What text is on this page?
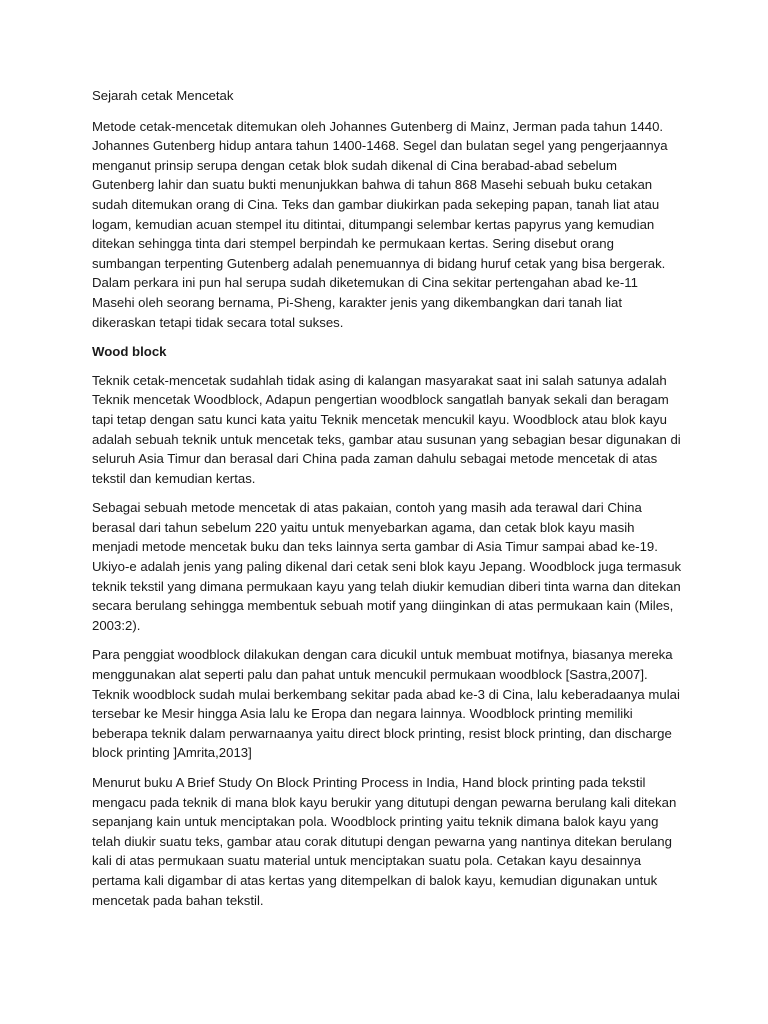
Sejarah cetak Mencetak

Metode cetak-mencetak ditemukan oleh Johannes Gutenberg di Mainz, Jerman pada tahun 1440. Johannes Gutenberg hidup antara tahun 1400-1468. Segel dan bulatan segel yang pengerjaannya menganut prinsip serupa dengan cetak blok sudah dikenal di Cina berabad-abad sebelum Gutenberg lahir dan suatu bukti menunjukkan bahwa di tahun 868 Masehi sebuah buku cetakan sudah ditemukan orang di Cina. Teks dan gambar diukirkan pada sekeping papan, tanah liat atau logam, kemudian acuan stempel itu ditintai, ditumpangi selembar kertas papyrus yang kemudian ditekan sehingga tinta dari stempel berpindah ke permukaan kertas. Sering disebut orang sumbangan terpenting Gutenberg adalah penemuannya di bidang huruf cetak yang bisa bergerak. Dalam perkara ini pun hal serupa sudah diketemukan di Cina sekitar pertengahan abad ke-11 Masehi oleh seorang bernama, Pi-Sheng, karakter jenis yang dikembangkan dari tanah liat dikeraskan tetapi tidak secara total sukses.

Wood block

Teknik cetak-mencetak sudahlah tidak asing di kalangan masyarakat saat ini salah satunya adalah Teknik mencetak Woodblock, Adapun pengertian woodblock sangatlah banyak sekali dan beragam tapi tetap dengan satu kunci kata yaitu Teknik mencetak mencukil kayu. Woodblock atau blok kayu adalah sebuah teknik untuk mencetak teks, gambar atau susunan yang sebagian besar digunakan di seluruh Asia Timur dan berasal dari China pada zaman dahulu sebagai metode mencetak di atas tekstil dan kemudian kertas.

Sebagai sebuah metode mencetak di atas pakaian, contoh yang masih ada terawal dari China berasal dari tahun sebelum 220 yaitu untuk menyebarkan agama, dan cetak blok kayu masih menjadi metode mencetak buku dan teks lainnya serta gambar di Asia Timur sampai abad ke-19. Ukiyo-e adalah jenis yang paling dikenal dari cetak seni blok kayu Jepang. Woodblock juga termasuk teknik tekstil yang dimana permukaan kayu yang telah diukir kemudian diberi tinta warna dan ditekan secara berulang sehingga membentuk sebuah motif yang diinginkan di atas permukaan kain (Miles, 2003:2).

Para penggiat woodblock dilakukan dengan cara dicukil untuk membuat motifnya, biasanya mereka menggunakan alat seperti palu dan pahat untuk mencukil permukaan woodblock [Sastra,2007]. Teknik woodblock sudah mulai berkembang sekitar pada abad ke-3 di Cina, lalu keberadaanya mulai tersebar ke Mesir hingga Asia lalu ke Eropa dan negara lainnya. Woodblock printing memiliki beberapa teknik dalam perwarnaanya yaitu direct block printing, resist block printing, dan discharge block printing ]Amrita,2013]

Menurut buku A Brief Study On Block Printing Process in India, Hand block printing pada tekstil mengacu pada teknik di mana blok kayu berukir yang ditutupi dengan pewarna berulang kali ditekan sepanjang kain untuk menciptakan pola. Woodblock printing yaitu teknik dimana balok kayu yang telah diukir suatu teks, gambar atau corak ditutupi dengan pewarna yang nantinya ditekan berulang kali di atas permukaan suatu material untuk menciptakan suatu pola. Cetakan kayu desainnya pertama kali digambar di atas kertas yang ditempelkan di balok kayu, kemudian digunakan untuk mencetak pada bahan tekstil.
